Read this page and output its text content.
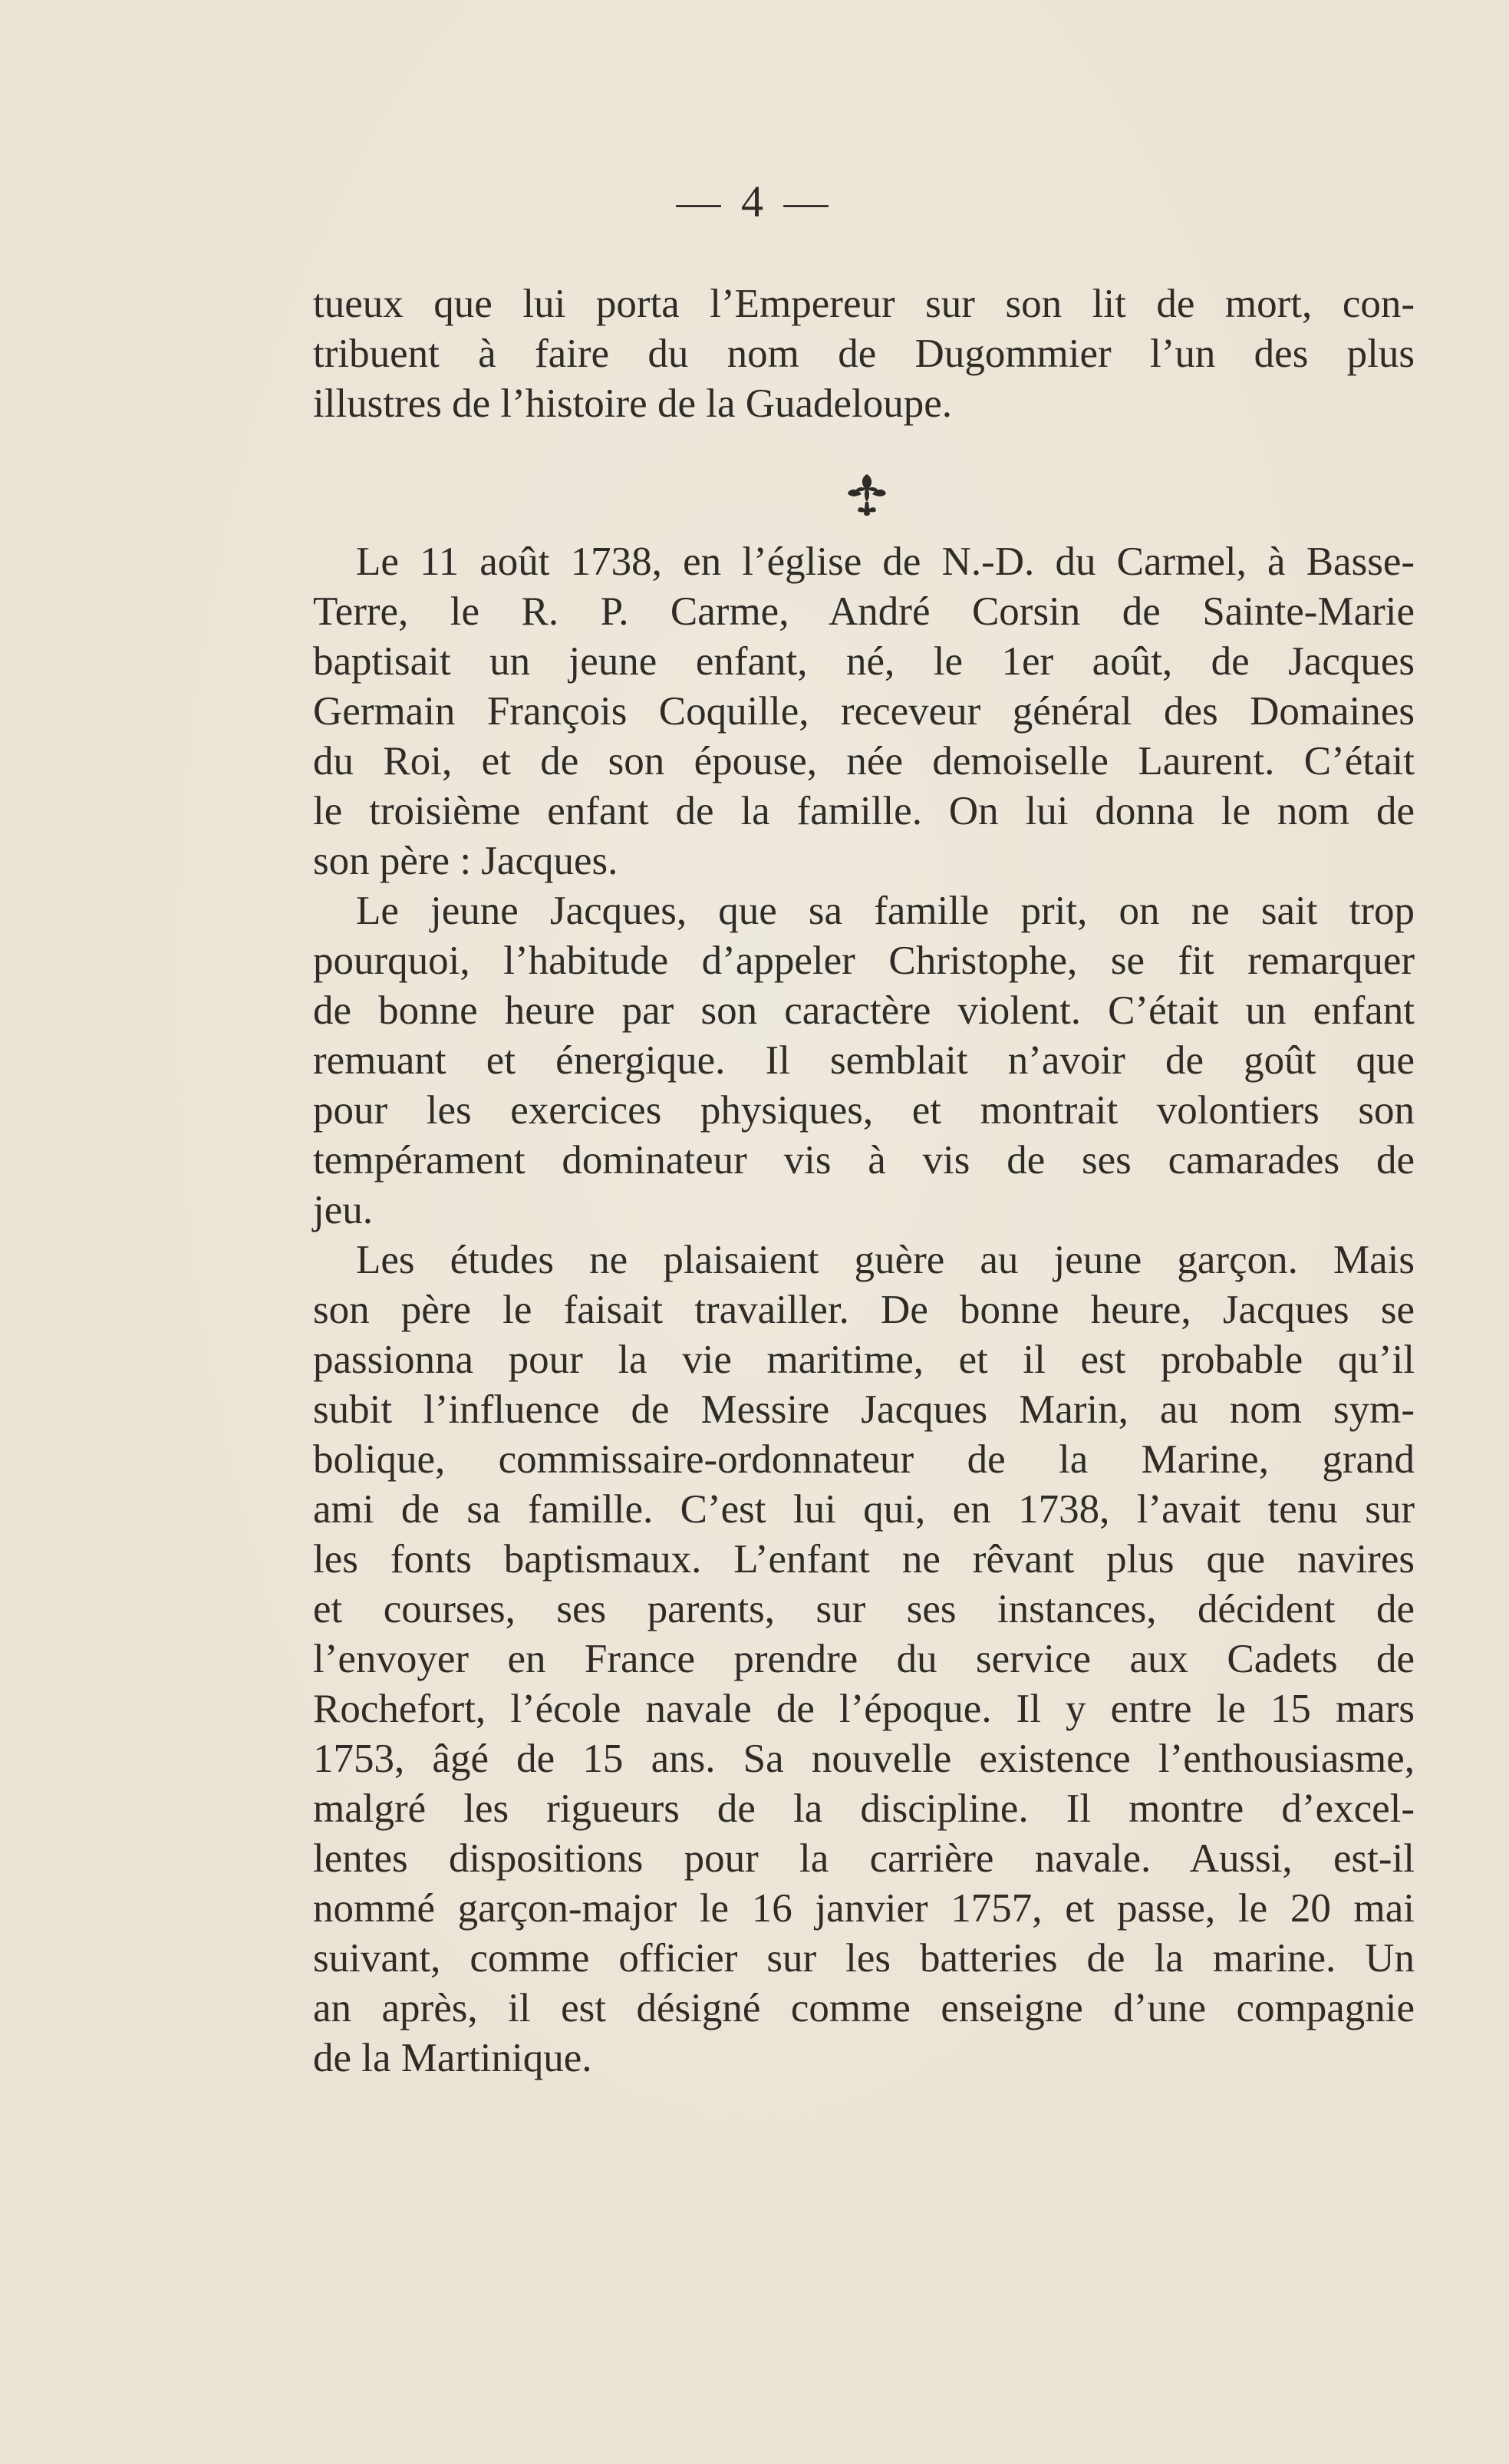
— 4 —
tueux que lui porta l’Empereur sur son lit de mort, con-
tribuent à faire du nom de Dugommier l’un des plus
illustres de l’histoire de la Guadeloupe.
Le 11 août 1738, en l’église de N.-D. du Carmel, à Basse-
Terre, le R. P. Carme, André Corsin de Sainte-Marie
baptisait un jeune enfant, né, le 1er août, de Jacques
Germain François Coquille, receveur général des Domaines
du Roi, et de son épouse, née demoiselle Laurent. C’était
le troisième enfant de la famille. On lui donna le nom de
son père : Jacques.
Le jeune Jacques, que sa famille prit, on ne sait trop
pourquoi, l’habitude d’appeler Christophe, se fit remarquer
de bonne heure par son caractère violent. C’était un enfant
remuant et énergique. Il semblait n’avoir de goût que
pour les exercices physiques, et montrait volontiers son
tempérament dominateur vis à vis de ses camarades de
jeu.
Les études ne plaisaient guère au jeune garçon. Mais
son père le faisait travailler. De bonne heure, Jacques se
passionna pour la vie maritime, et il est probable qu’il
subit l’influence de Messire Jacques Marin, au nom sym-
bolique, commissaire-ordonnateur de la Marine, grand
ami de sa famille. C’est lui qui, en 1738, l’avait tenu sur
les fonts baptismaux. L’enfant ne rêvant plus que navires
et courses, ses parents, sur ses instances, décident de
l’envoyer en France prendre du service aux Cadets de
Rochefort, l’école navale de l’époque. Il y entre le 15 mars
1753, âgé de 15 ans. Sa nouvelle existence l’enthousiasme,
malgré les rigueurs de la discipline. Il montre d’excel-
lentes dispositions pour la carrière navale. Aussi, est-il
nommé garçon-major le 16 janvier 1757, et passe, le 20 mai
suivant, comme officier sur les batteries de la marine. Un
an après, il est désigné comme enseigne d’une compagnie
de la Martinique.
